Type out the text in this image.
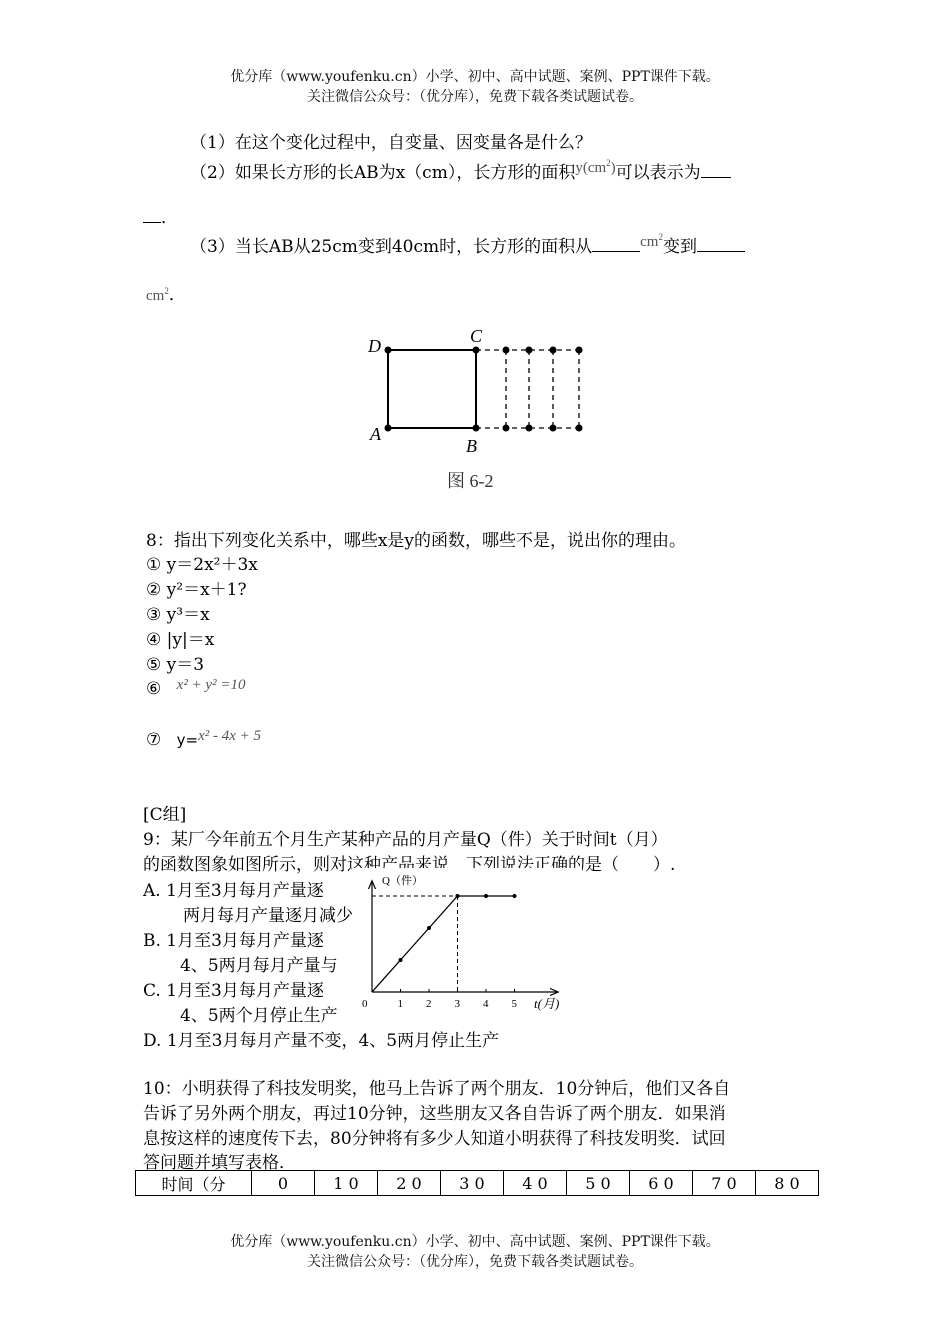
优分库（www.youfenku.cn）小学、初中、高中试题、案例、PPT课件下载。
关注微信公众号：（优分库），免费下载各类试题试卷。
（1）在这个变化过程中，自变量、因变量各是什么？
（2）如果长方形的长AB为x（cm），长方形的面积$y(cm^2)$可以表示为
．
（3）当长AB从25cm变到40cm时，长方形的面积从	$cm^2$变到
$cm^2$．
D	C
A
B
图 6-2
8：指出下列变化关系中，哪些x是y的函数，哪些不是，说出你的理由。
① y＝2x²＋3x
② y²＝x＋1?
③ y³＝x
④ |y|＝x
⑤ y＝3
⑥ x² + y² =10
⑦ y=x² - 4x + 5
[C组]
9：某厂今年前五个月生产某种产品的月产量Q（件）关于时间t（月）
的函数图象如图所示，则对这种产品来说，下列说法正确的是（　　）.
A. 1月至3月每月产量逐
两月每月产量逐月减少
B. 1月至3月每月产量逐
4、5两月每月产量与
C. 1月至3月每月产量逐
4、5两个月停止生产
D. 1月至3月每月产量不变，4、5两月停止生产
Q（件）
t(月)
0	1 2 3 4 5
10：小明获得了科技发明奖，他马上告诉了两个朋友．10分钟后，他们又各自
告诉了另外两个朋友，再过10分钟，这些朋友又各自告诉了两个朋友．如果消
息按这样的速度传下去，80分钟将有多少人知道小明获得了科技发明奖．试回
答问题并填写表格．
时间（分	0	1 0	2 0	3 0	4 0	5 0	6 0	7 0	8 0
优分库（www.youfenku.cn）小学、初中、高中试题、案例、PPT课件下载。
关注微信公众号：（优分库），免费下载各类试题试卷。
